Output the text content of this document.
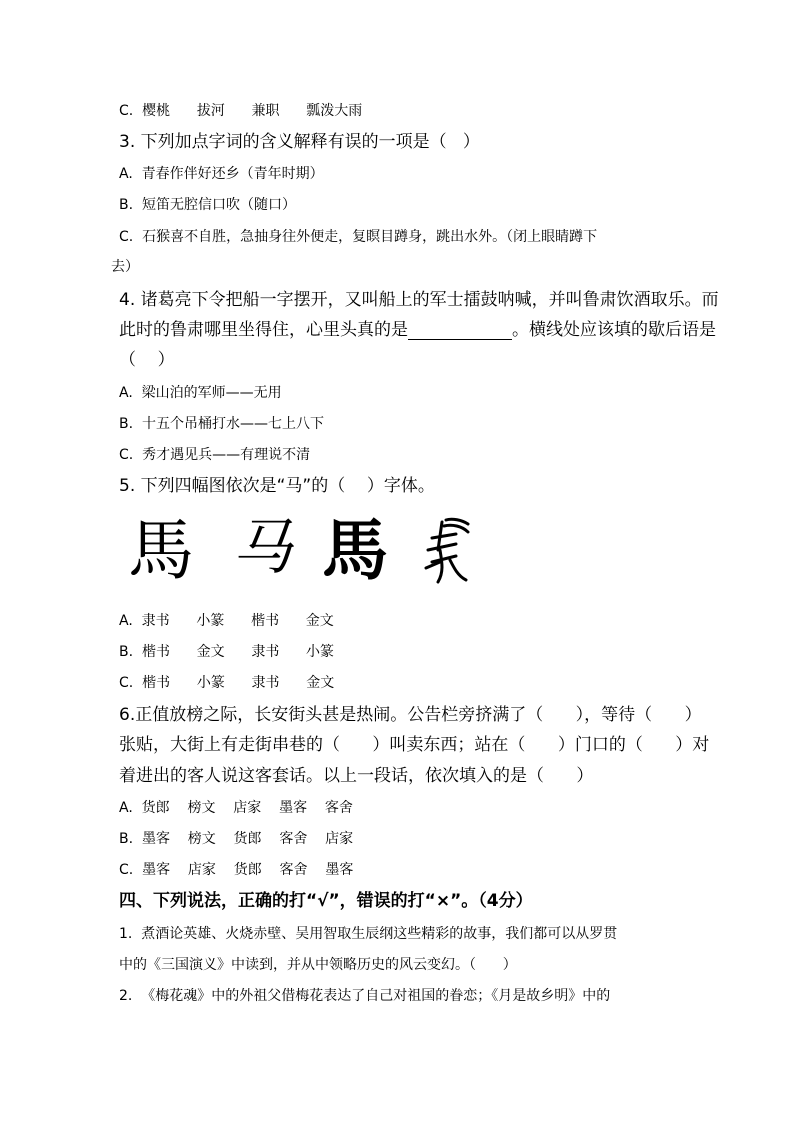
C.  樱桃      拔河      兼职      瓢泼大雨
3. 下列加点字词的含义解释有误的一项是（   ）
A.  青春作伴好还乡（青年时期）
B.  短笛无腔信口吹（随口）
C.  石猴喜不自胜，急抽身往外便走，复瞑目蹲身，跳出水外。（闭上眼睛蹲下
去）
4. 诸葛亮下令把船一字摆开，又叫船上的军士擂鼓呐喊，并叫鲁肃饮酒取乐。而
此时的鲁肃哪里坐得住，心里头真的是	。横线处应该填的歇后语是
（    ）
A.  梁山泊的军师——无用
B.  十五个吊桶打水——七上八下
C.  秀才遇见兵——有理说不清
5. 下列四幅图依次是“马”的（    ）字体。
馬 马 馬
A.  隶书      小篆      楷书      金文
B.  楷书      金文      隶书      小篆
C.  楷书      小篆      隶书      金文
6.正值放榜之际，长安街头甚是热闹。公告栏旁挤满了（      ），等待（      ）
张贴，大街上有走街串巷的（      ）叫卖东西；站在（      ）门口的（      ）对
着进出的客人说这客套话。以上一段话，依次填入的是（      ）
A.  货郎    榜文    店家    墨客    客舍
B.  墨客    榜文    货郎    客舍    店家
C.  墨客    店家    货郎    客舍    墨客
四、下列说法，正确的打“√”，错误的打“×”。（4分）
1.  煮酒论英雄、火烧赤壁、吴用智取生辰纲这些精彩的故事，我们都可以从罗贯
中的《三国演义》中读到，并从中领略历史的风云变幻。（      ）
2.  《梅花魂》中的外祖父借梅花表达了自己对祖国的眷恋；《月是故乡明》中的
